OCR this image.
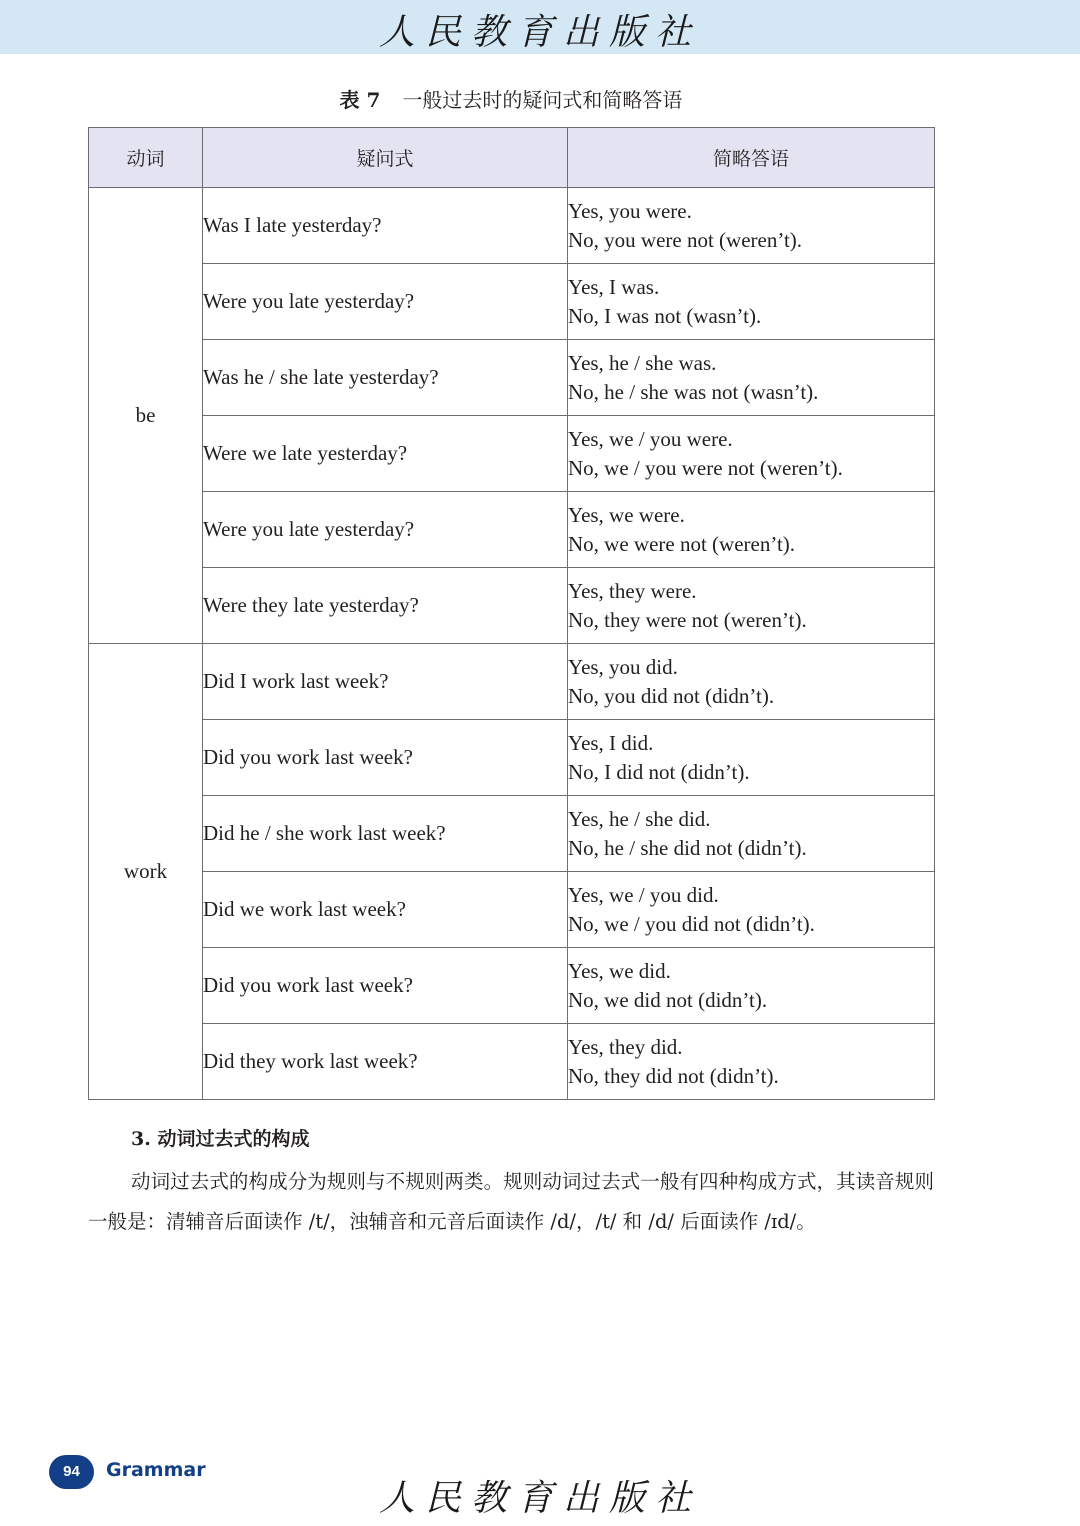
人民教育出版社
表 7 一般过去时的疑问式和简略答语
动词	疑问式	简略答语
be	Was I late yesterday?	Yes, you were.
No, you were not (weren’t).

	Were you late yesterday?	Yes, I was.
No, I was not (wasn’t).

	Was he / she late yesterday?	Yes, he / she was.
No, he / she was not (wasn’t).

	Were we late yesterday?	Yes, we / you were.
No, we / you were not (weren’t).

	Were you late yesterday?	Yes, we were.
No, we were not (weren’t).

	Were they late yesterday?	Yes, they were.
No, they were not (weren’t).

work	Did I work last week?	Yes, you did.
No, you did not (didn’t).

	Did you work last week?	Yes, I did.
No, I did not (didn’t).

	Did he / she work last week?	Yes, he / she did.
No, he / she did not (didn’t).

	Did we work last week?	Yes, we / you did.
No, we / you did not (didn’t).

	Did you work last week?	Yes, we did.
No, we did not (didn’t).

	Did they work last week?	Yes, they did.
No, they did not (didn’t).
3. 动词过去式的构成
动词过去式的构成分为规则与不规则两类。规则动词过去式一般有四种构成方式，其读音规则一般是：清辅音后面读作 /t/，浊辅音和元音后面读作 /d/，/t/ 和 /d/ 后面读作 /ɪd/。
94	Grammar
人民教育出版社
